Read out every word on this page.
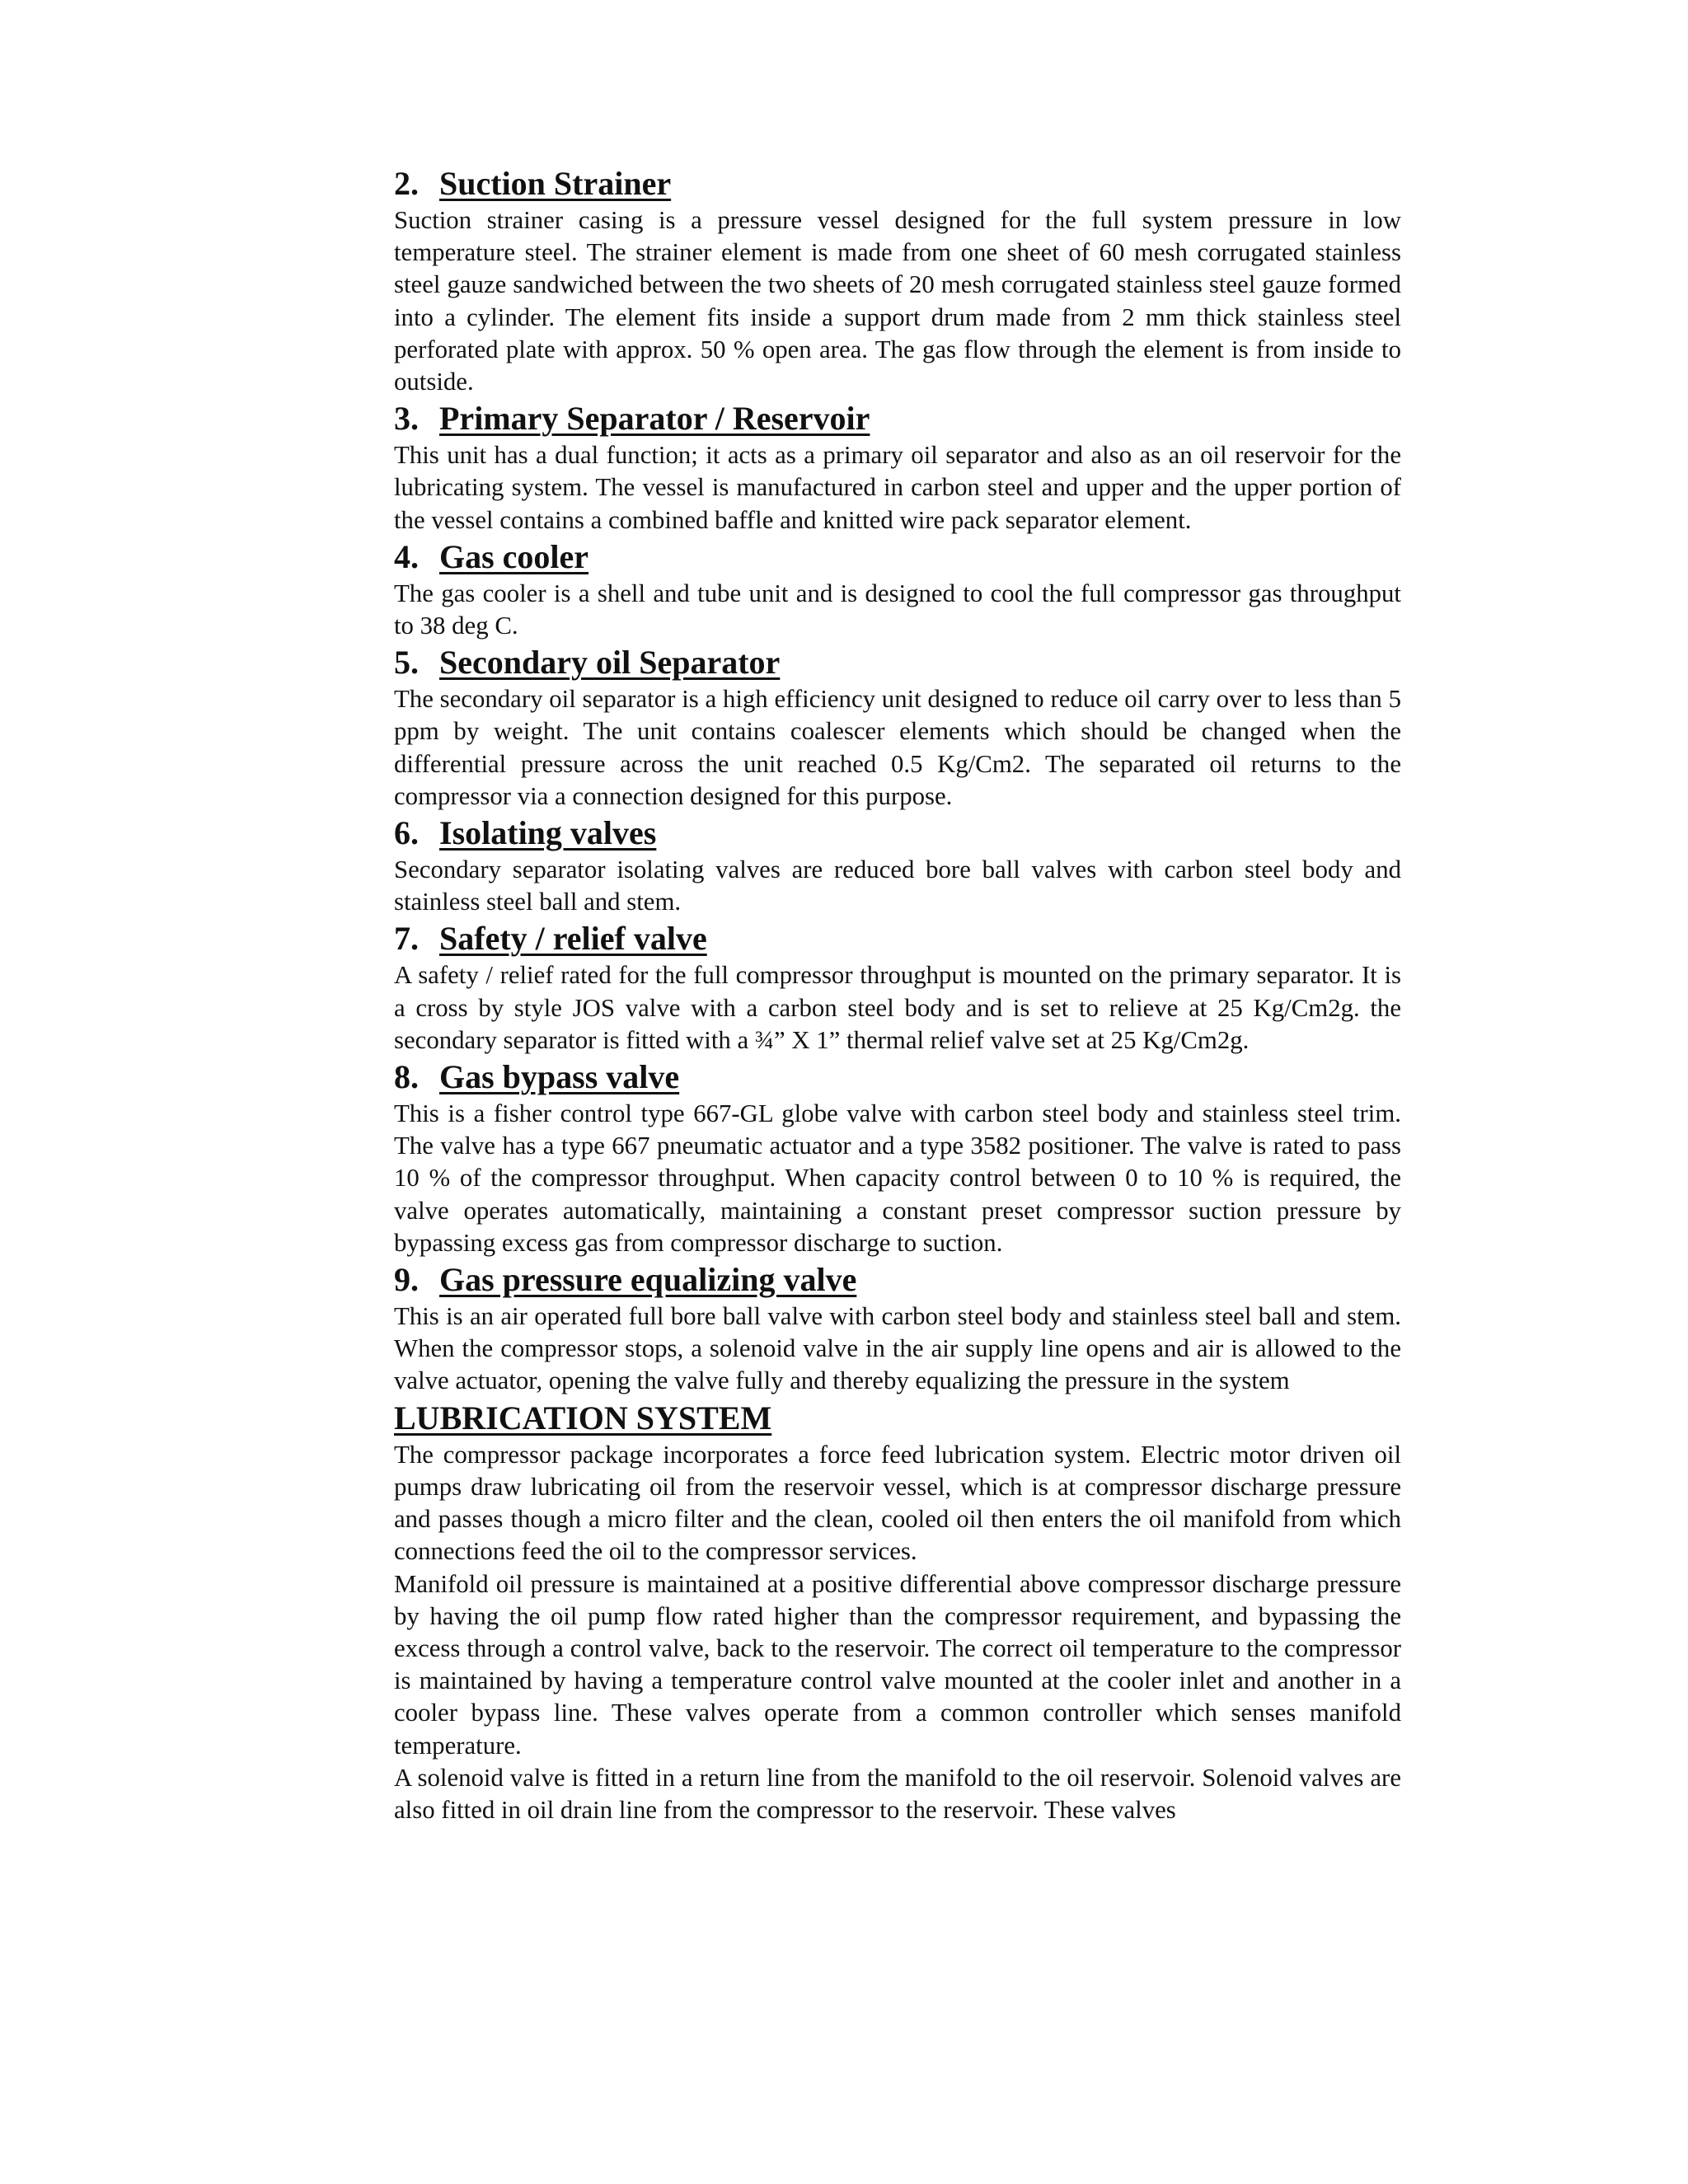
2. Suction Strainer

Suction strainer casing is a pressure vessel designed for the full system pressure in low temperature steel. The strainer element is made from one sheet of 60 mesh corrugated stainless steel gauze sandwiched between the two sheets of 20 mesh corrugated stainless steel gauze formed into a cylinder. The element fits inside a support drum made from 2 mm thick stainless steel perforated plate with approx. 50 % open area. The gas flow through the element is from inside to outside.

3. Primary Separator / Reservoir

This unit has a dual function; it acts as a primary oil separator and also as an oil reservoir for the lubricating system. The vessel is manufactured in carbon steel and upper and the upper portion of the vessel contains a combined baffle and knitted wire pack separator element.

4. Gas cooler

The gas cooler is a shell and tube unit and is designed to cool the full compressor gas throughput to 38 deg C.

5. Secondary oil Separator

The secondary oil separator is a high efficiency unit designed to reduce oil carry over to less than 5 ppm by weight. The unit contains coalescer elements which should be changed when the differential pressure across the unit reached 0.5 Kg/Cm2. The separated oil returns to the compressor via a connection designed for this purpose.

6. Isolating valves

Secondary separator isolating valves are reduced bore ball valves with carbon steel body and stainless steel ball and stem.

7. Safety / relief valve

A safety / relief rated for the full compressor throughput is mounted on the primary separator. It is a cross by style JOS valve with a carbon steel body and is set to relieve at 25 Kg/Cm2g. the secondary separator is fitted with a ¾” X 1” thermal relief valve set at 25 Kg/Cm2g.

8. Gas bypass valve

This is a fisher control type 667-GL globe valve with carbon steel body and stainless steel trim. The valve has a type 667 pneumatic actuator and a type 3582 positioner. The valve is rated to pass 10 % of the compressor throughput. When capacity control between 0 to 10 % is required, the valve operates automatically, maintaining a constant preset compressor suction pressure by bypassing excess gas from compressor discharge to suction.

9. Gas pressure equalizing valve

This is an air operated full bore ball valve with carbon steel body and stainless steel ball and stem. When the compressor stops, a solenoid valve in the air supply line opens and air is allowed to the valve actuator, opening the valve fully and thereby equalizing the pressure in the system

LUBRICATION SYSTEM

The compressor package incorporates a force feed lubrication system. Electric motor driven oil pumps draw lubricating oil from the reservoir vessel, which is at compressor discharge pressure and passes though a micro filter and the clean, cooled oil then enters the oil manifold from which connections feed the oil to the compressor services.

Manifold oil pressure is maintained at a positive differential above compressor discharge pressure by having the oil pump flow rated higher than the compressor requirement, and bypassing the excess through a control valve, back to the reservoir. The correct oil temperature to the compressor is maintained by having a temperature control valve mounted at the cooler inlet and another in a cooler bypass line. These valves operate from a common controller which senses manifold temperature.

A solenoid valve is fitted in a return line from the manifold to the oil reservoir. Solenoid valves are also fitted in oil drain line from the compressor to the reservoir. These valves
